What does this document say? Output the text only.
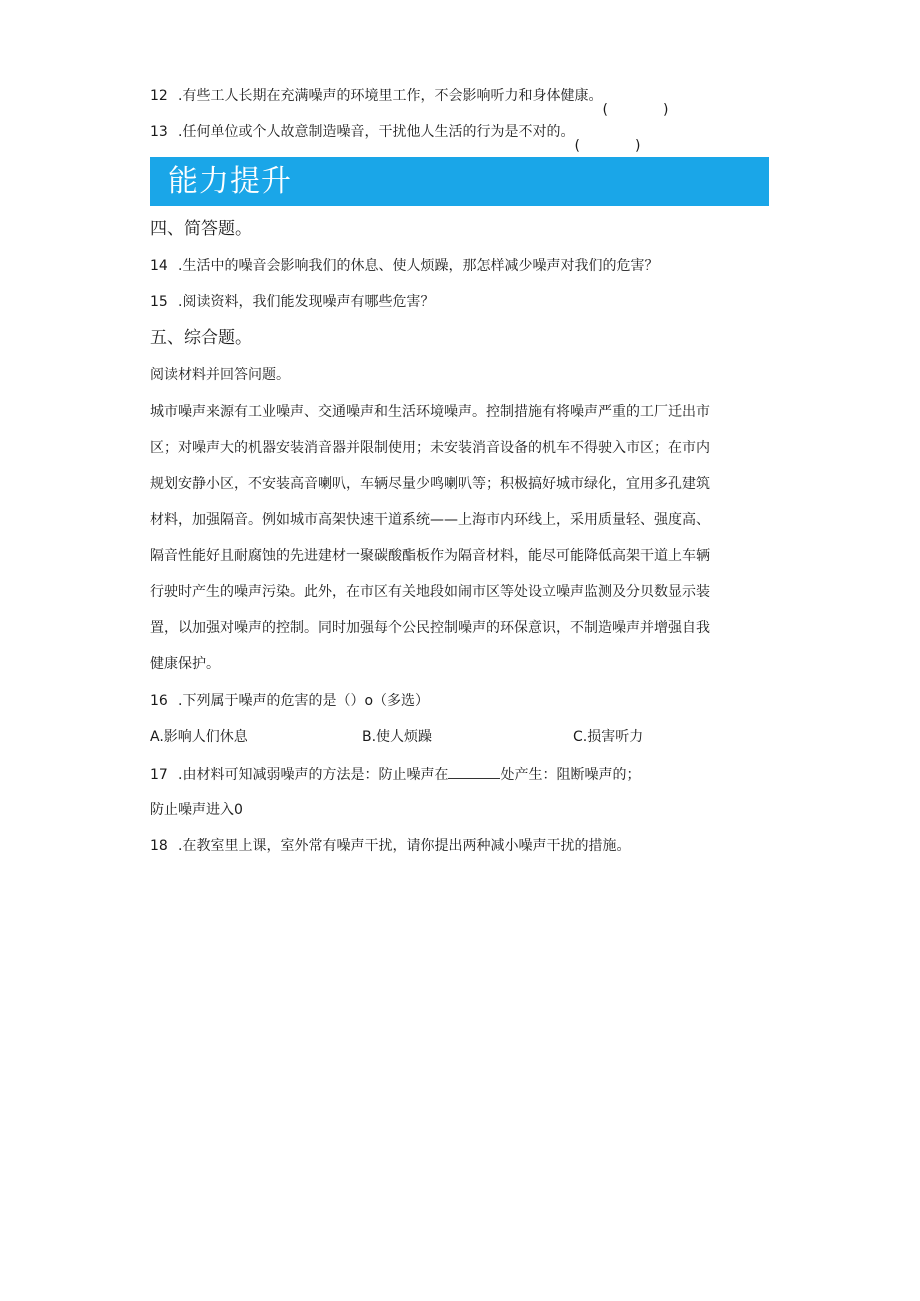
12 .有些工人长期在充满噪声的环境里工作，不会影响听力和身体健康。
(	)
13 .任何单位或个人故意制造噪音，干扰他人生活的行为是不对的。
(	)
能力提升
四、简答题。
14 .生活中的噪音会影响我们的休息、使人烦躁，那怎样减少噪声对我们的危害？
15 .阅读资料，我们能发现噪声有哪些危害？
五、综合题。
阅读材料并回答问题。
城市噪声来源有工业噪声、交通噪声和生活环境噪声。控制措施有将噪声严重的工厂迁出市
区；对噪声大的机器安装消音器并限制使用；未安装消音设备的机车不得驶入市区；在市内
规划安静小区，不安装高音喇叭，车辆尽量少鸣喇叭等；积极搞好城市绿化，宜用多孔建筑
材料，加强隔音。例如城市高架快速干道系统——上海市内环线上，采用质量轻、强度高、
隔音性能好且耐腐蚀的先进建材一聚碳酸酯板作为隔音材料，能尽可能降低高架干道上车辆
行驶时产生的噪声污染。此外，在市区有关地段如闹市区等处设立噪声监测及分贝数显示装
置，以加强对噪声的控制。同时加强每个公民控制噪声的环保意识，不制造噪声并增强自我
健康保护。
16 .下列属于噪声的危害的是（）o（多选）
A.影响人们休息	B.使人烦躁	C.损害听力
17 .由材料可知减弱噪声的方法是：防止噪声在	处产生：阻断噪声的；
防止噪声进入0
18 .在教室里上课，室外常有噪声干扰，请你提出两种减小噪声干扰的措施。
